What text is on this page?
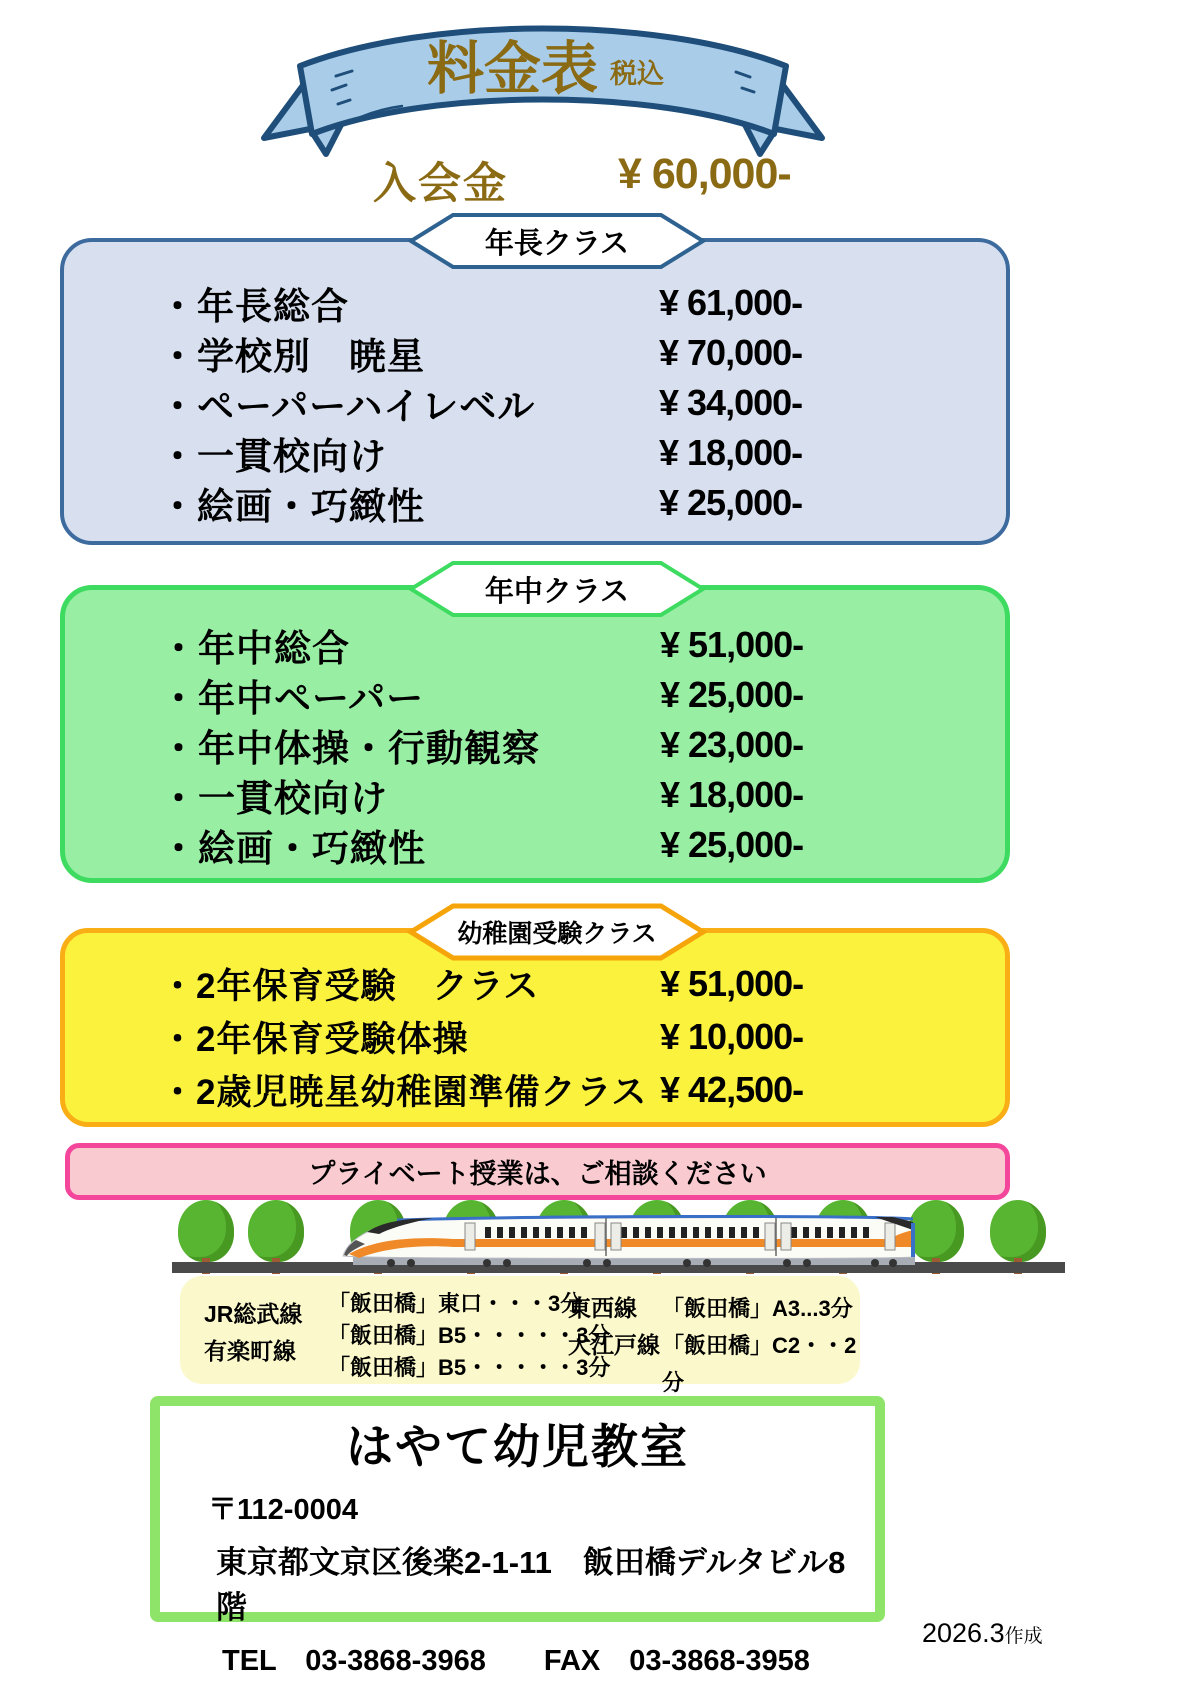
料金表 税込
入会金	¥ 60,000-
年長クラス
・年長総合	¥ 61,000-
・学校別　暁星	¥ 70,000-
・ペーパーハイレベル	¥ 34,000-
・一貫校向け	¥ 18,000-
・絵画・巧緻性	¥ 25,000-
年中クラス
・年中総合	¥ 51,000-
・年中ペーパー	¥ 25,000-
・年中体操・行動観察	¥ 23,000-
・一貫校向け	¥ 18,000-
・絵画・巧緻性	¥ 25,000-
幼稚園受験クラス
・2年保育受験　クラス	¥ 51,000-
・2年保育受験体操	¥ 10,000-
・2歳児暁星幼稚園準備クラス ¥ 42,500-
プライベート授業は、ご相談ください
JR総武線
有楽町線
「飯田橋」東口・・・3分
「飯田橋」B5・・・・・3分
「飯田橋」B5・・・・・3分
東西線
大江戸線
「飯田橋」A3...3分
「飯田橋」C2・・2分
はやて幼児教室
〒112-0004
東京都文京区後楽2-1-11　飯田橋デルタビル8階
TEL　03-3868-3968　　FAX　03-3868-3958
2026.3作成
